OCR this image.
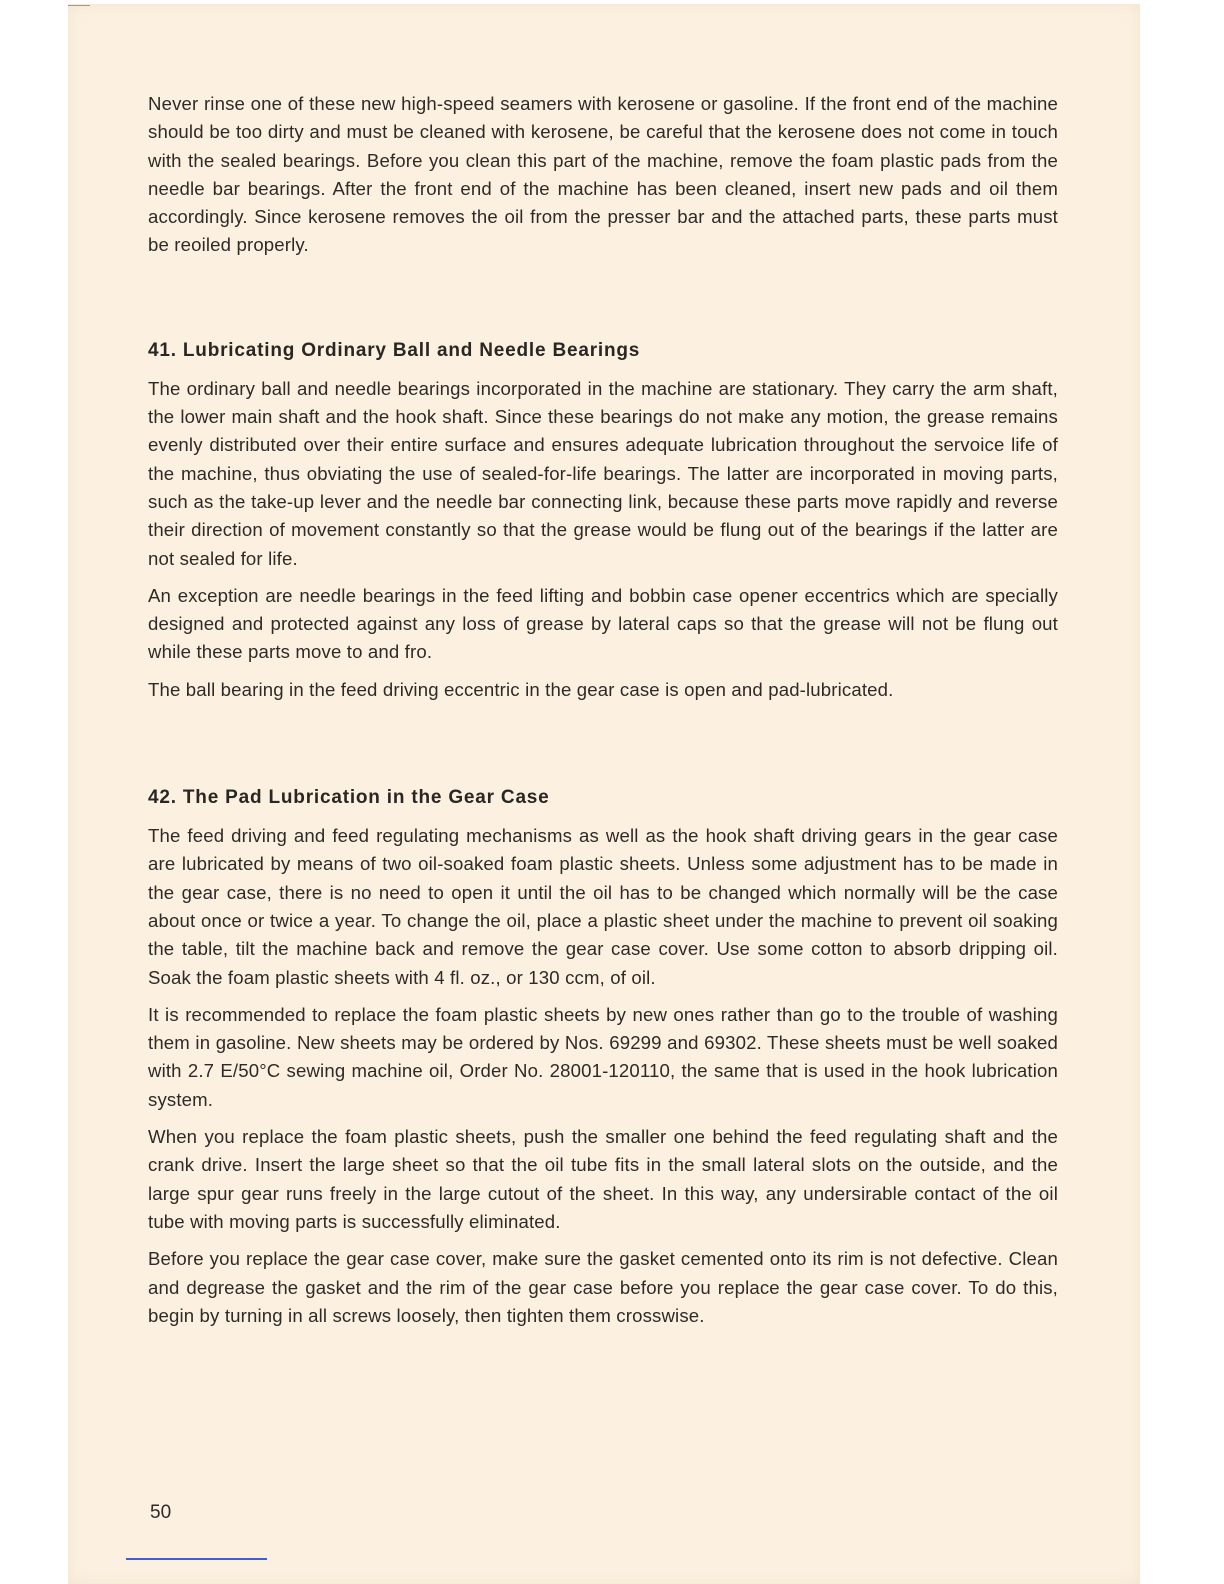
Never rinse one of these new high-speed seamers with kerosene or gasoline. If the front end of the machine should be too dirty and must be cleaned with kerosene, be careful that the kerosene does not come in touch with the sealed bearings. Before you clean this part of the machine, remove the foam plastic pads from the needle bar bearings. After the front end of the machine has been cleaned, insert new pads and oil them accordingly. Since kerosene removes the oil from the presser bar and the attached parts, these parts must be reoiled properly.

41. Lubricating Ordinary Ball and Needle Bearings

The ordinary ball and needle bearings incorporated in the machine are stationary. They carry the arm shaft, the lower main shaft and the hook shaft. Since these bearings do not make any motion, the grease remains evenly distributed over their entire surface and ensures adequate lubrication throughout the servoice life of the machine, thus obviating the use of sealed-for-life bearings. The latter are incorporated in moving parts, such as the take-up lever and the needle bar connecting link, because these parts move rapidly and reverse their direction of movement constantly so that the grease would be flung out of the bearings if the latter are not sealed for life.

An exception are needle bearings in the feed lifting and bobbin case opener eccentrics which are specially designed and protected against any loss of grease by lateral caps so that the grease will not be flung out while these parts move to and fro.

The ball bearing in the feed driving eccentric in the gear case is open and pad-lubricated.

42. The Pad Lubrication in the Gear Case

The feed driving and feed regulating mechanisms as well as the hook shaft driving gears in the gear case are lubricated by means of two oil-soaked foam plastic sheets. Unless some adjustment has to be made in the gear case, there is no need to open it until the oil has to be changed which normally will be the case about once or twice a year. To change the oil, place a plastic sheet under the machine to prevent oil soaking the table, tilt the machine back and remove the gear case cover. Use some cotton to absorb dripping oil. Soak the foam plastic sheets with 4 fl. oz., or 130 ccm, of oil.

It is recommended to replace the foam plastic sheets by new ones rather than go to the trouble of washing them in gasoline. New sheets may be ordered by Nos. 69299 and 69302. These sheets must be well soaked with 2.7 E/50°C sewing machine oil, Order No. 28001-120110, the same that is used in the hook lubrication system.

When you replace the foam plastic sheets, push the smaller one behind the feed regulating shaft and the crank drive. Insert the large sheet so that the oil tube fits in the small lateral slots on the outside, and the large spur gear runs freely in the large cutout of the sheet. In this way, any undersirable contact of the oil tube with moving parts is successfully eliminated.

Before you replace the gear case cover, make sure the gasket cemented onto its rim is not defective. Clean and degrease the gasket and the rim of the gear case before you replace the gear case cover. To do this, begin by turning in all screws loosely, then tighten them crosswise.

50
